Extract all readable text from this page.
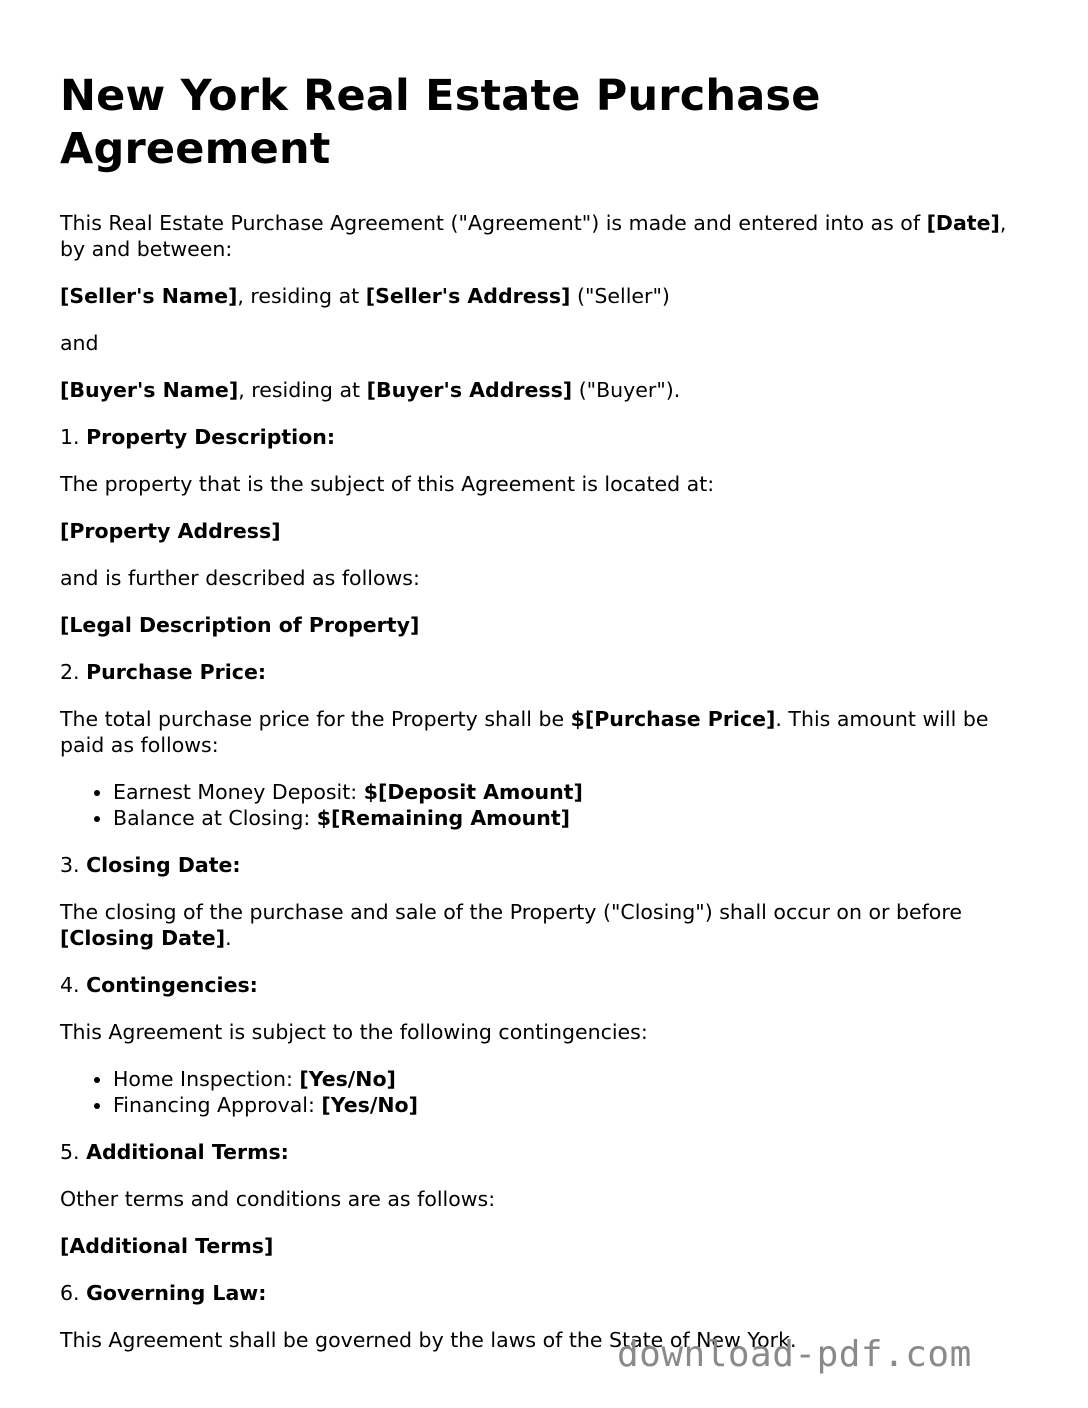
New York Real Estate Purchase Agreement

This Real Estate Purchase Agreement ("Agreement") is made and entered into as of [Date], by and between:

[Seller's Name], residing at [Seller's Address] ("Seller")

and

[Buyer's Name], residing at [Buyer's Address] ("Buyer").

1. Property Description:

The property that is the subject of this Agreement is located at:

[Property Address]

and is further described as follows:

[Legal Description of Property]

2. Purchase Price:

The total purchase price for the Property shall be $[Purchase Price]. This amount will be paid as follows:

• Earnest Money Deposit: $[Deposit Amount]
• Balance at Closing: $[Remaining Amount]

3. Closing Date:

The closing of the purchase and sale of the Property ("Closing") shall occur on or before [Closing Date].

4. Contingencies:

This Agreement is subject to the following contingencies:

• Home Inspection: [Yes/No]
• Financing Approval: [Yes/No]

5. Additional Terms:

Other terms and conditions are as follows:

[Additional Terms]

6. Governing Law:

This Agreement shall be governed by the laws of the State of New York.

download-pdf.com
